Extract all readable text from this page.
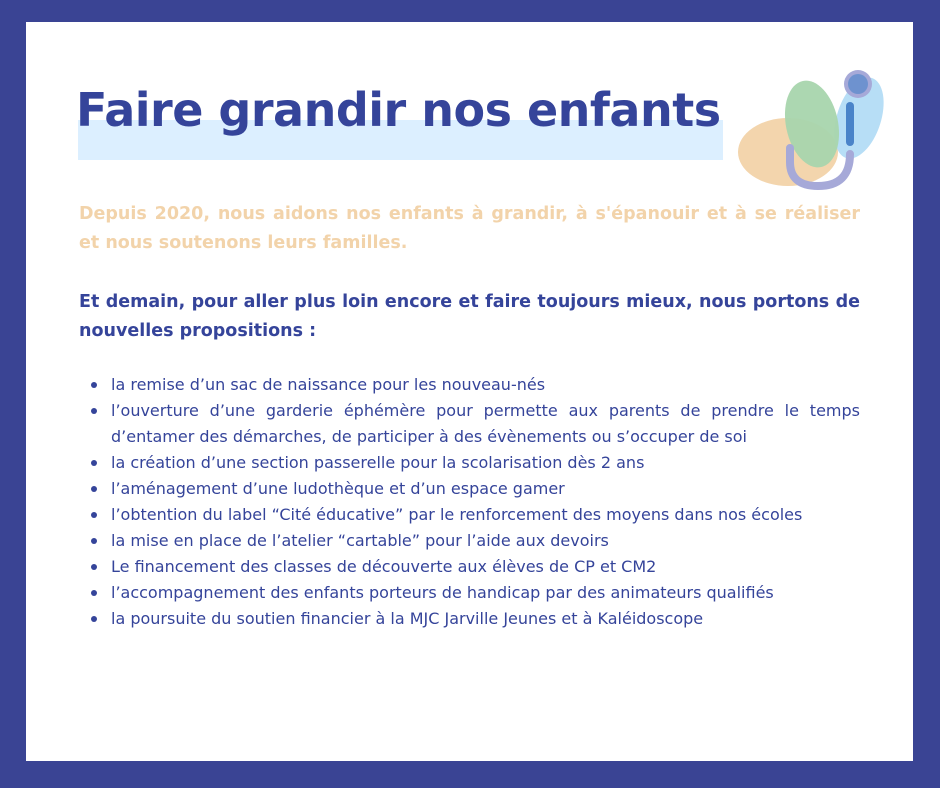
Faire grandir nos enfants

Depuis 2020, nous aidons nos enfants à grandir, à s'épanouir et à se réaliser et nous soutenons leurs familles.

Et demain, pour aller plus loin encore et faire toujours mieux, nous portons de nouvelles propositions :

la remise d’un sac de naissance pour les nouveau-nés
l’ouverture d’une garderie éphémère pour permette aux parents de prendre le temps d’entamer des démarches, de participer à des évènements ou s’occuper de soi
la création d’une section passerelle pour la scolarisation dès 2 ans
l’aménagement d’une ludothèque et d’un espace gamer
l’obtention du label “Cité éducative” par le renforcement des moyens dans nos écoles
la mise en place de l’atelier “cartable” pour l’aide aux devoirs
Le financement des classes de découverte aux élèves de CP et CM2
l’accompagnement des enfants porteurs de handicap par des animateurs qualifiés
la poursuite du soutien financier à la MJC Jarville Jeunes et à Kaléidoscope
